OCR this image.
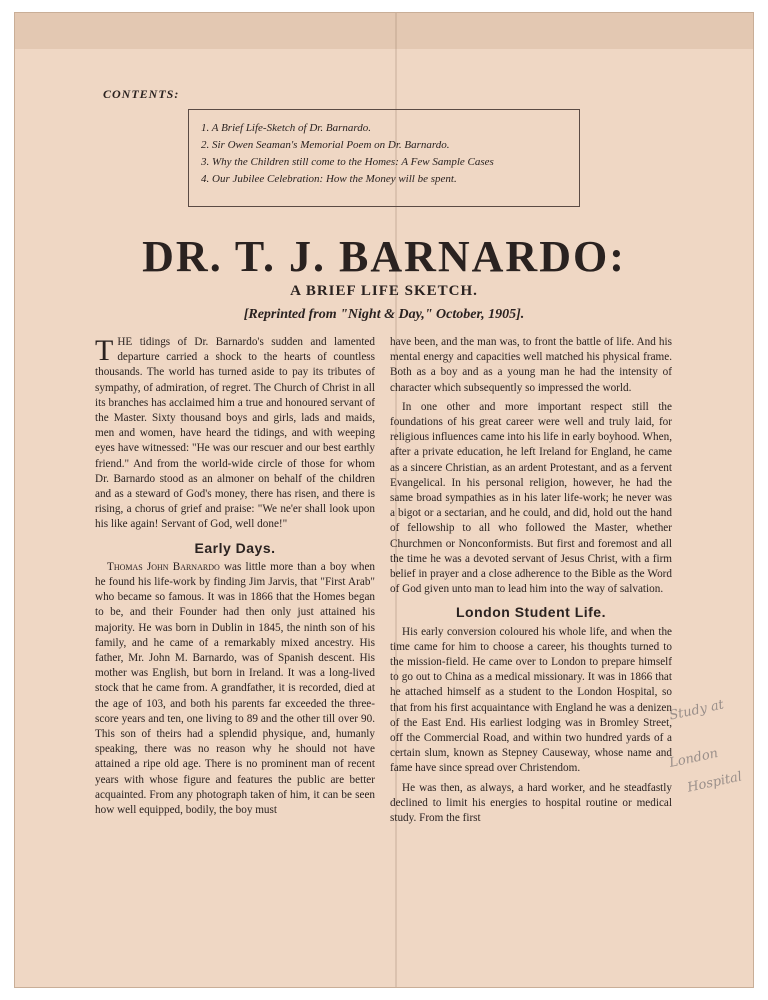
CONTENTS:
1. A Brief Life-Sketch of Dr. Barnardo.
2. Sir Owen Seaman's Memorial Poem on Dr. Barnardo.
3. Why the Children still come to the Homes: A Few Sample Cases
4. Our Jubilee Celebration: How the Money will be spent.
DR. T. J. BARNARDO:
A BRIEF LIFE SKETCH.
[Reprinted from "Night & Day," October, 1905].

THE tidings of Dr. Barnardo's sudden and lamented departure carried a shock to the hearts of countless thousands. The world has turned aside to pay its tributes of sympathy, of admiration, of regret. The Church of Christ in all its branches has acclaimed him a true and honoured servant of the Master. Sixty thousand boys and girls, lads and maids, men and women, have heard the tidings, and with weeping eyes have witnessed: "He was our rescuer and our best earthly friend." And from the world-wide circle of those for whom Dr. Barnardo stood as an almoner on behalf of the children and as a steward of God's money, there has risen, and there is rising, a chorus of grief and praise: "We ne'er shall look upon his like again! Servant of God, well done!"

Early Days.

Thomas John Barnardo was little more than a boy when he found his life-work by finding Jim Jarvis, that "First Arab" who became so famous. It was in 1866 that the Homes began to be, and their Founder had then only just attained his majority. He was born in Dublin in 1845, the ninth son of his family, and he came of a remarkably mixed ancestry. His father, Mr. John M. Barnardo, was of Spanish descent. His mother was English, but born in Ireland. It was a long-lived stock that he came from. A grandfather, it is recorded, died at the age of 103, and both his parents far exceeded the three-score years and ten, one living to 89 and the other till over 90. This son of theirs had a splendid physique, and, humanly speaking, there was no reason why he should not have attained a ripe old age. There is no prominent man of recent years with whose figure and features the public are better acquainted. From any photograph taken of him, it can be seen how well equipped, bodily, the boy must

have been, and the man was, to front the battle of life. And his mental energy and capacities well matched his physical frame. Both as a boy and as a young man he had the intensity of character which subsequently so impressed the world.

In one other and more important respect still the foundations of his great career were well and truly laid, for religious influences came into his life in early boyhood. When, after a private education, he left Ireland for England, he came as a sincere Christian, as an ardent Protestant, and as a fervent Evangelical. In his personal religion, however, he had the same broad sympathies as in his later life-work; he never was a bigot or a sectarian, and he could, and did, hold out the hand of fellowship to all who followed the Master, whether Churchmen or Nonconformists. But first and foremost and all the time he was a devoted servant of Jesus Christ, with a firm belief in prayer and a close adherence to the Bible as the Word of God given unto man to lead him into the way of salvation.

London Student Life.

His early conversion coloured his whole life, and when the time came for him to choose a career, his thoughts turned to the mission-field. He came over to London to prepare himself to go out to China as a medical missionary. It was in 1866 that he attached himself as a student to the London Hospital, so that from his first acquaintance with England he was a denizen of the East End. His earliest lodging was in Bromley Street, off the Commercial Road, and within two hundred yards of a certain slum, known as Stepney Causeway, whose name and fame have since spread over Christendom.

He was then, as always, a hard worker, and he steadfastly declined to limit his energies to hospital routine or medical study. From the first

Study at
London
Hospital
